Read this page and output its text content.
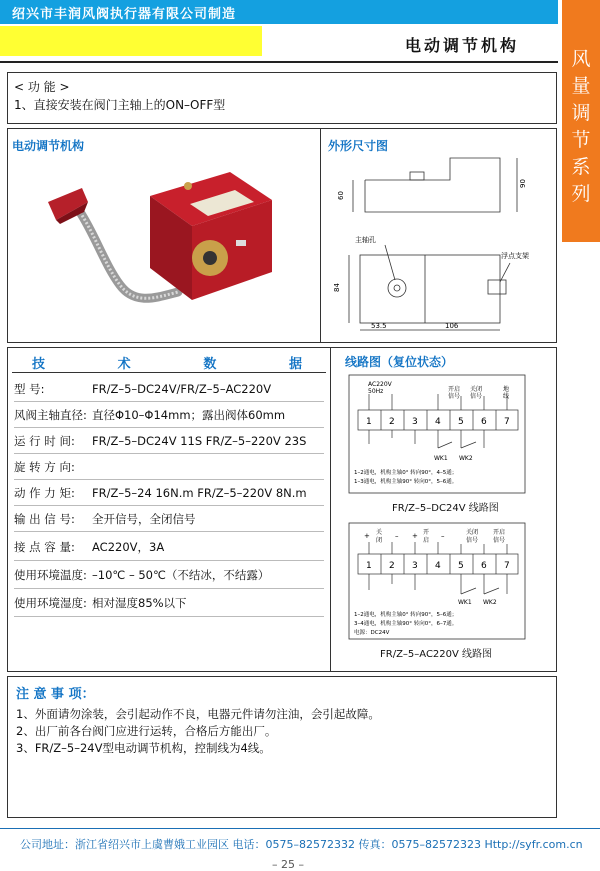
绍兴市丰润风阀执行器有限公司制造
电动调节机构
风
量
调
节
系
列
< 功 能 >
1、直接安装在阀门主轴上的ON–OFF型
电动调节机构	外形尺寸图
60
90
84
53.5	106
主轴孔
浮点支架
技	术	数	据
型 号:	FR/Z–5–DC24V/FR/Z–5–AC220V
风阀主轴直径: 直径Φ10–Φ14mm；露出阀体60mm
运 行 时 间: FR/Z–5–DC24V 11S FR/Z–5–220V 23S
旋 转 方 向:
动 作 力 矩: FR/Z–5–24 16N.m FR/Z–5–220V 8N.m
输 出 信 号: 全开信号，全闭信号
接 点 容 量: AC220V，3A
使用环境温度: –10℃ – 50℃（不结冰，不结露）
使用环境湿度: 相对湿度85%以下
线路图（复位状态）
AC220V
50Hz	开启
信号
关闭
信号
地
线
1 2 3 4 5 6 7
WK1 WK2
1–2通电，机构主轴0° 转向90°，4–5通；
1–3通电，机构主轴90° 转向0°，5–6通。
FR/Z–5–DC24V 线路图
+	– +	–
关
闭
开
启
关闭
信号
开启
信号
1 2 3 4 5 6 7
WK1 WK2
1–2通电，机构主轴0° 转向90°，5–6通；
3–4通电，机构主轴90° 转向0°，6–7通。
电源：DC24V
FR/Z–5–AC220V 线路图
注 意 事 项：
1、外面请勿涂装，会引起动作不良，电器元件请勿注油，会引起故障。
2、出厂前各台阀门应进行运转，合格后方能出厂。
3、FR/Z–5–24V型电动调节机构，控制线为4线。
公司地址：浙江省绍兴市上虞曹娥工业园区 电话：0575–82572332 传真：0575–82572323 Http://syfr.com.cn
– 25 –
